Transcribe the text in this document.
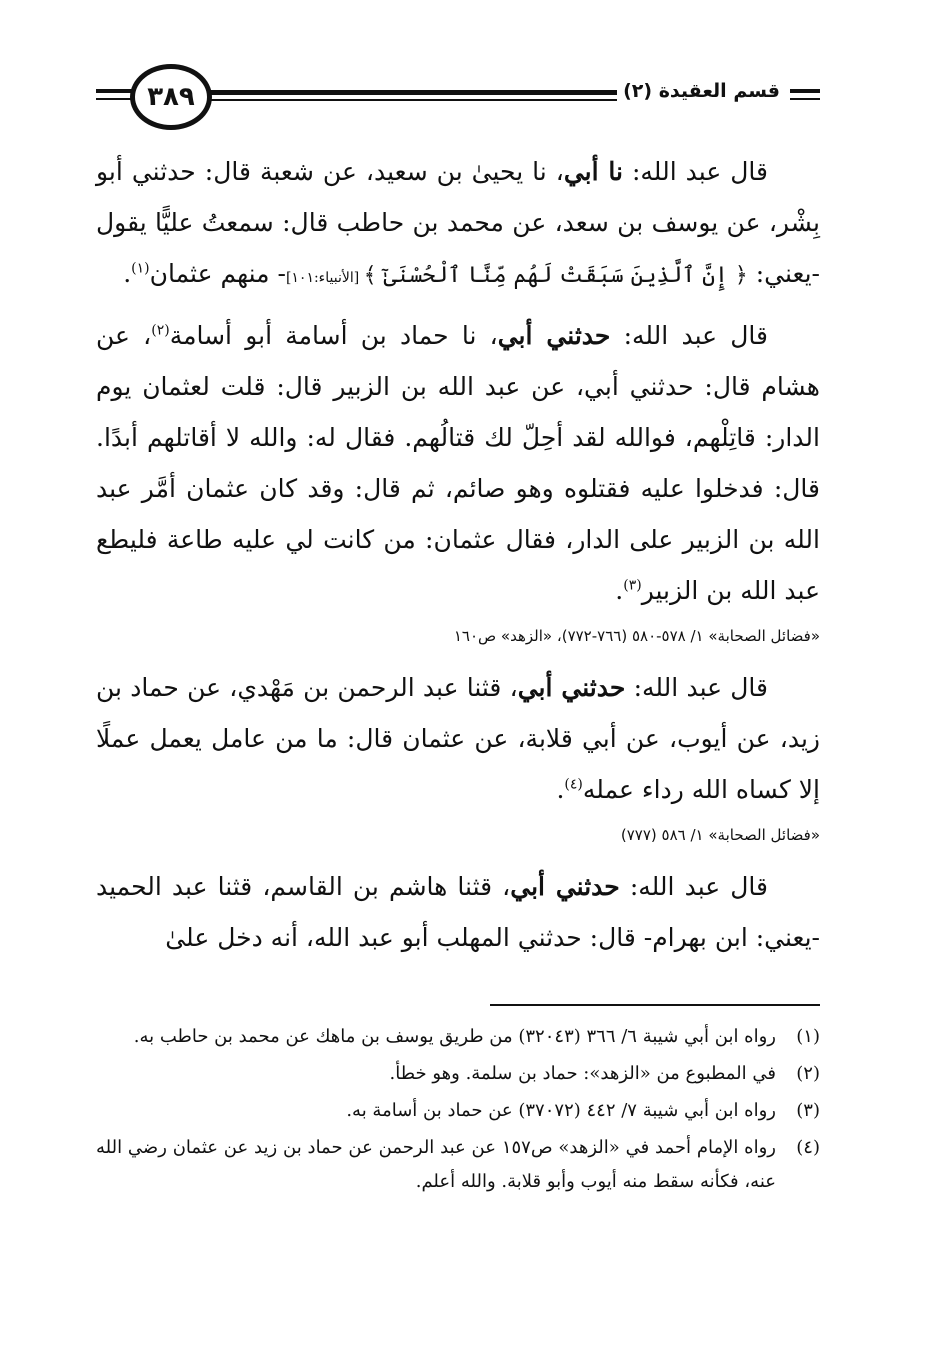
٣٨٩	قسم العقيدة (٢)

قال عبد الله: نا أبي، نا يحيىٰ بن سعيد، عن شعبة قال: حدثني أبو بِشْر، عن يوسف بن سعد، عن محمد بن حاطب قال: سمعتُ عليًّا يقول -يعني: ﴿ إِنَّ ٱلَّذِينَ سَبَقَتْ لَهُم مِّنَّا ٱلْحُسْنَىٰٓ ﴾ [الأنبياء:١٠١]- منهم عثمان$^{(١)}$.

قال عبد الله: حدثني أبي، نا حماد بن أسامة أبو أسامة$^{(٢)}$، عن هشام قال: حدثني أبي، عن عبد الله بن الزبير قال: قلت لعثمان يوم الدار: قاتِلْهم، فوالله لقد أحِلّ لك قتالُهم. فقال له: والله لا أقاتلهم أبدًا. قال: فدخلوا عليه فقتلوه وهو صائم، ثم قال: وقد كان عثمان أمَّر عبد الله بن الزبير على الدار، فقال عثمان: من كانت لي عليه طاعة فليطع عبد الله بن الزبير$^{(٣)}$.

«فضائل الصحابة» ١/ ٥٧٨-٥٨٠ (٧٦٦-٧٧٢)، «الزهد» ص١٦٠

قال عبد الله: حدثني أبي، قثنا عبد الرحمن بن مَهْدي، عن حماد بن زيد، عن أيوب، عن أبي قلابة، عن عثمان قال: ما من عامل يعمل عملًا إلا كساه الله رداء عمله$^{(٤)}$.

«فضائل الصحابة» ١/ ٥٨٦ (٧٧٧)

قال عبد الله: حدثني أبي، قثنا هاشم بن القاسم، قثنا عبد الحميد -يعني: ابن بهرام- قال: حدثني المهلب أبو عبد الله، أنه دخل علىٰ

(١)
رواه ابن أبي شيبة ٦/ ٣٦٦ (٣٢٠٤٣) من طريق يوسف بن ماهك عن محمد بن حاطب به.
(٢)
في المطبوع من «الزهد»: حماد بن سلمة. وهو خطأ.
(٣)
رواه ابن أبي شيبة ٧/ ٤٤٢ (٣٧٠٧٢) عن حماد بن أسامة به.
(٤)
رواه الإمام أحمد في «الزهد» ص١٥٧ عن عبد الرحمن عن حماد بن زيد عن عثمان رضي الله عنه، فكأنه سقط منه أيوب وأبو قلابة. والله أعلم.
